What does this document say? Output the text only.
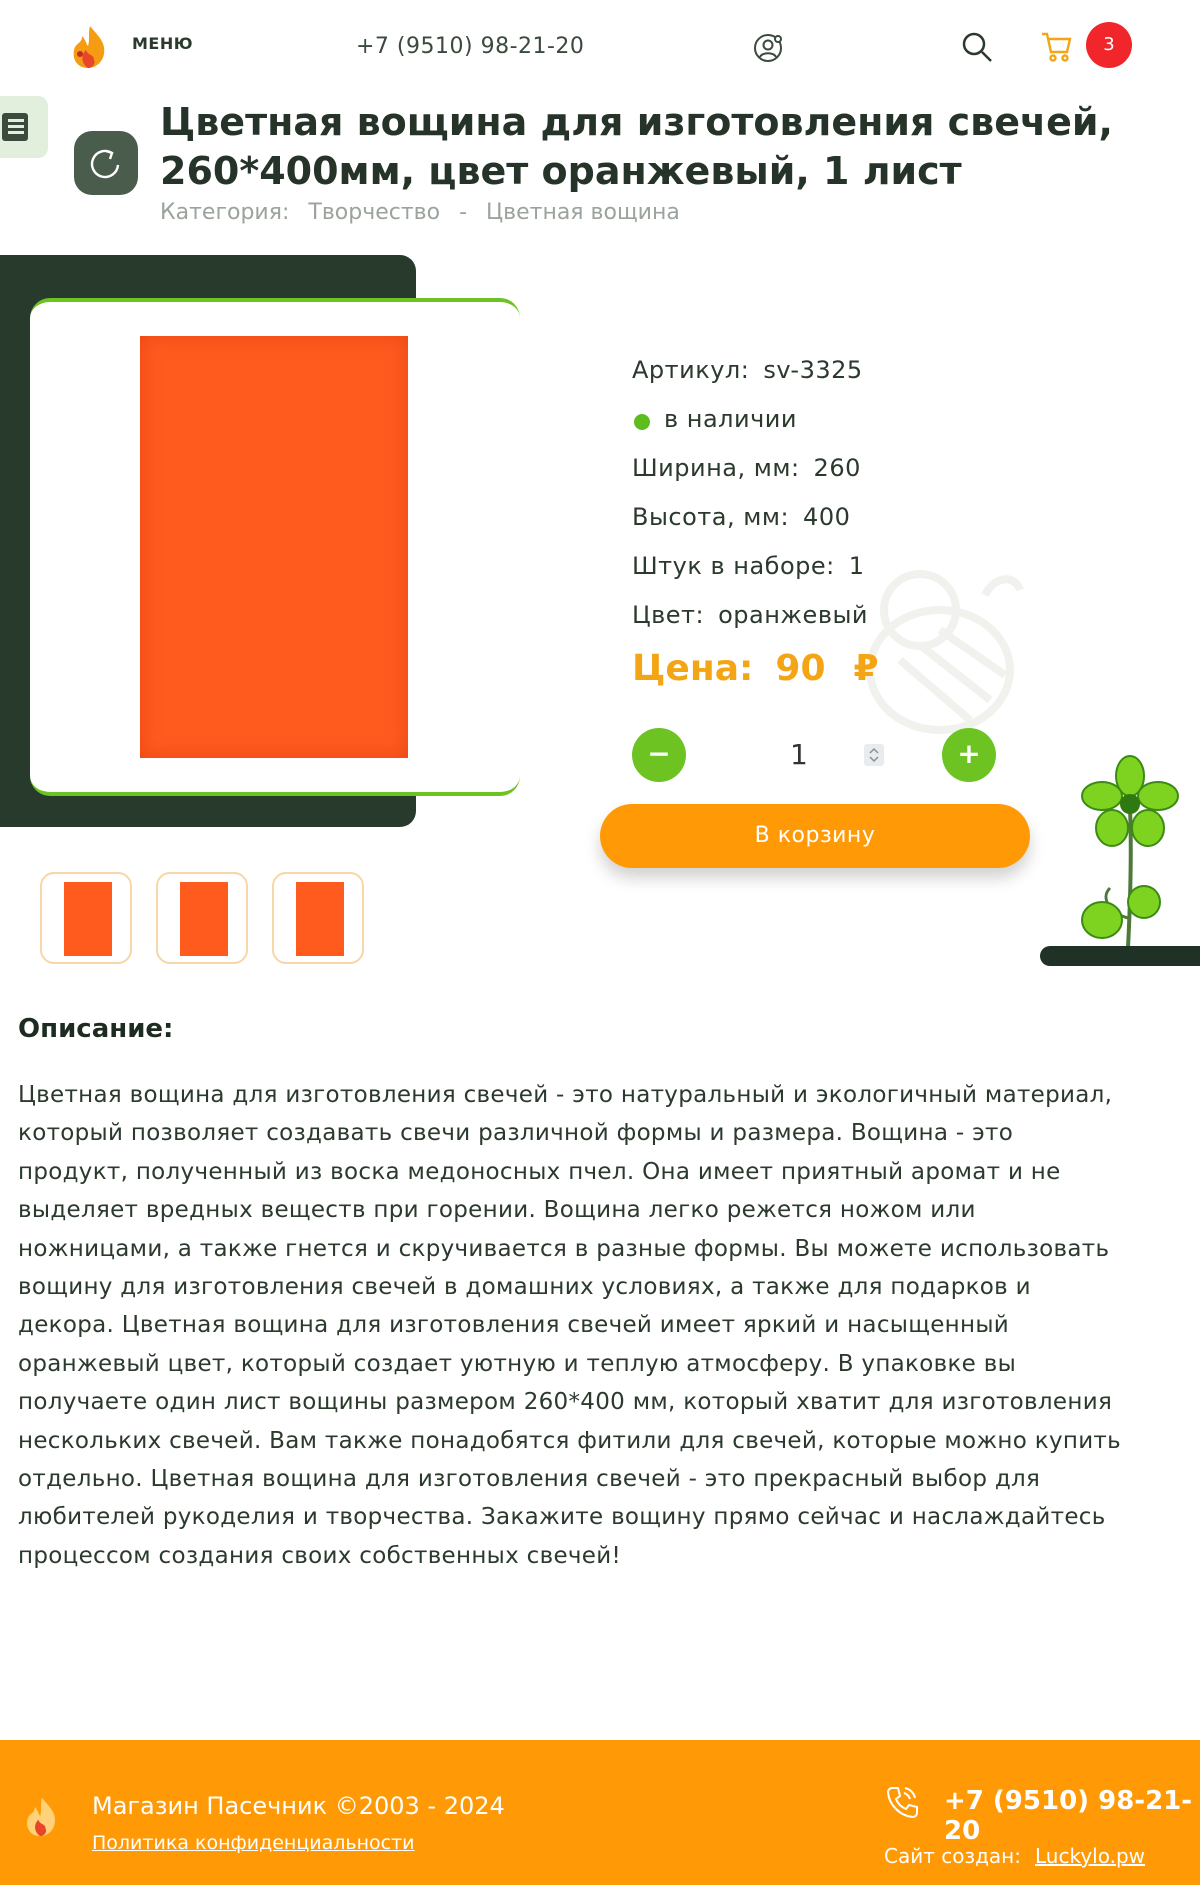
МЕНЮ	+7 (9510) 98-21-20	3
Цветная вощина для изготовления свечей, 260*400мм, цвет оранжевый, 1 лист
Категория: Творчество - Цветная вощина
Артикул: sv-3325
в наличии
Ширина, мм: 260
Высота, мм: 400
Штук в наборе: 1
Цвет: оранжевый
Цена: 90 ₽
−	1	+
В корзину
Описание:

Цветная вощина для изготовления свечей - это натуральный и экологичный материал, который позволяет создавать свечи различной формы и размера. Вощина - это продукт, полученный из воска медоносных пчел. Она имеет приятный аромат и не выделяет вредных веществ при горении. Вощина легко режется ножом или ножницами, а также гнется и скручивается в разные формы. Вы можете использовать вощину для изготовления свечей в домашних условиях, а также для подарков и декора. Цветная вощина для изготовления свечей имеет яркий и насыщенный оранжевый цвет, который создает уютную и теплую атмосферу. В упаковке вы получаете один лист вощины размером 260*400 мм, который хватит для изготовления нескольких свечей. Вам также понадобятся фитили для свечей, которые можно купить отдельно. Цветная вощина для изготовления свечей - это прекрасный выбор для любителей рукоделия и творчества. Закажите вощину прямо сейчас и наслаждайтесь процессом создания своих собственных свечей!

Магазин Пасечник ©2003 - 2024
Политика конфиденциальности
+7 (9510) 98-21-20
Сайт создан: Luckylo.pw
